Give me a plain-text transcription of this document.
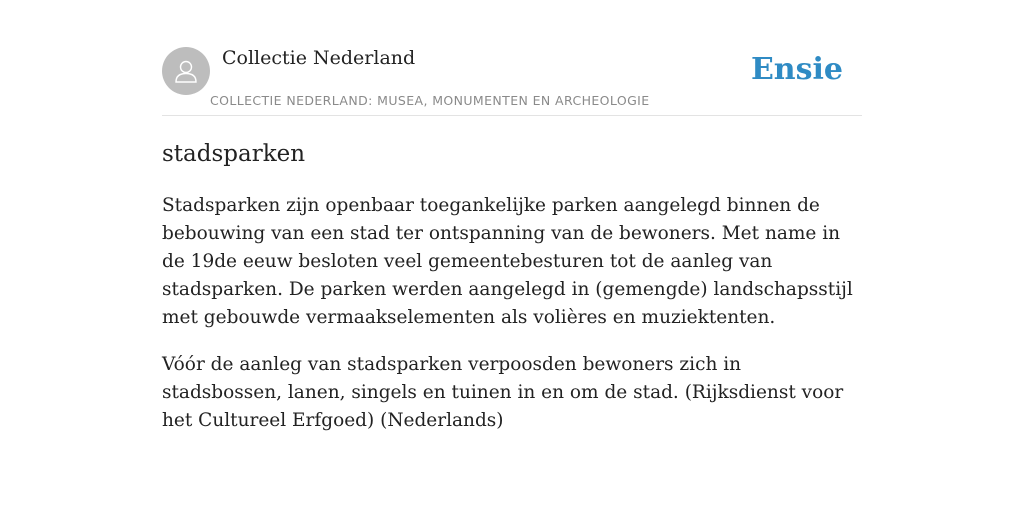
Collectie Nederland
COLLECTIE NEDERLAND: MUSEA, MONUMENTEN EN ARCHEOLOGIE
Ensie
stadsparken

Stadsparken zijn openbaar toegankelijke parken aangelegd binnen de bebouwing van een stad ter ontspanning van de bewoners. Met name in de 19de eeuw besloten veel gemeentebesturen tot de aanleg van stadsparken. De parken werden aangelegd in (gemengde) landschapsstijl met gebouwde vermaakselementen als volières en muziektenten.

Vóór de aanleg van stadsparken verpoosden bewoners zich in stadsbossen, lanen, singels en tuinen in en om de stad. (Rijksdienst voor het Cultureel Erfgoed) (Nederlands)
